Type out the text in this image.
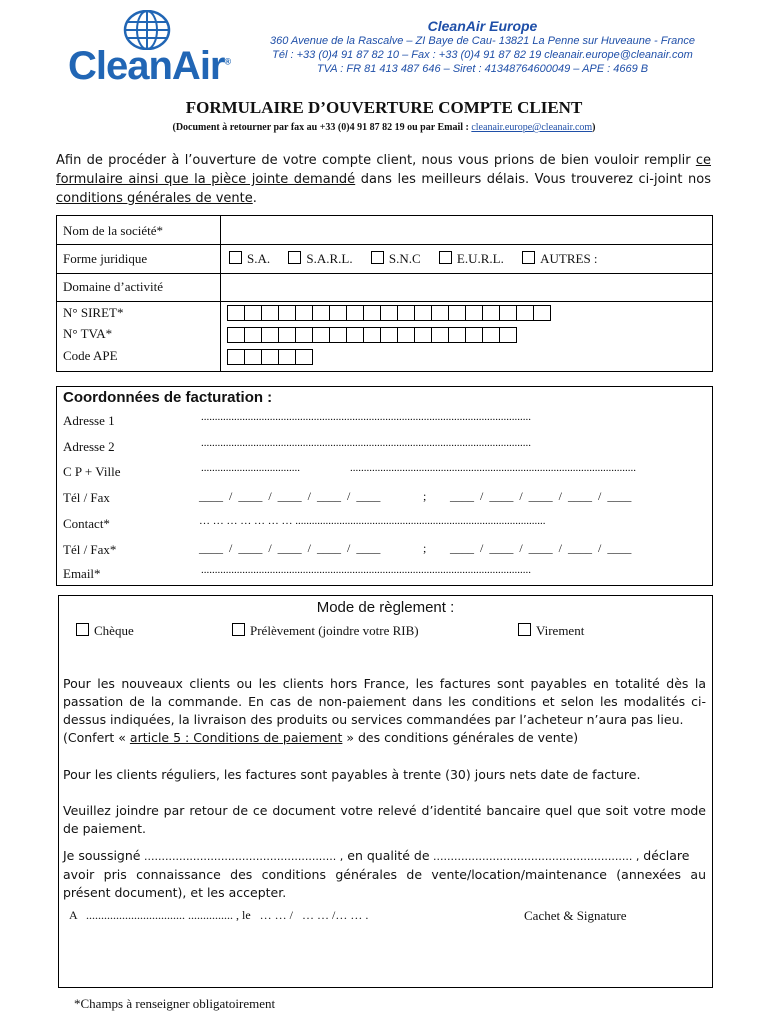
CleanAir®
CleanAir Europe
360 Avenue de la Rascalve – ZI Baye de Cau- 13821 La Penne sur Huveaune - France
Tél : +33 (0)4 91 87 82 10 – Fax : +33 (0)4 91 87 82 19 cleanair.europe@cleanair.com
TVA : FR 81 413 487 646 – Siret : 41348764600049 – APE : 4669 B
FORMULAIRE D’OUVERTURE COMPTE CLIENT
(Document à retourner par fax au +33 (0)4 91 87 82 19 ou par Email : cleanair.europe@cleanair.com)
Afin de procéder à l’ouverture de votre compte client, nous vous prions de bien vouloir remplir ce formulaire ainsi que la pièce jointe demandé dans les meilleurs délais. Vous trouverez ci-joint nos conditions générales de vente.
Nom de la société*
Forme juridique	S.A.	S.A.R.L.	S.N.C	E.U.R.L.	AUTRES :
Domaine d’activité
N° SIRET*
N° TVA*
Code APE
Coordonnées de facturation :
Adresse 1	........................................................................................................................
Adresse 2	........................................................................................................................
C P + Ville	....................................	........................................................................................................
Tél / Fax	____  /  ____  /  ____  /  ____  /  ____	; ____  /  ____  /  ____  /  ____  /  ____
Contact*	… … … … … … … ...........................................................................................
Tél / Fax*	____  /  ____  /  ____  /  ____  /  ____	; ____  /  ____  /  ____  /  ____  /  ____
Email*	........................................................................................................................
Mode de règlement :
Chèque	Prélèvement (joindre votre RIB)	Virement
Pour les nouveaux clients ou les clients hors France, les factures sont payables en totalité dès la passation de la commande. En cas de non-paiement dans les conditions et selon les modalités ci-dessus indiquées, la livraison des produits ou services commandées par l’acheteur n’aura pas lieu.
(Confert « article 5 : Conditions de paiement » des conditions générales de vente)
Pour les clients réguliers, les factures sont payables à trente (30) jours nets date de facture.
Veuillez joindre par retour de ce document votre relevé d’identité bancaire quel que soit votre mode de paiement.
Je soussigné ....................................................... , en qualité de ......................................................... , déclare
avoir pris connaissance des conditions générales de vente/location/maintenance (annexées au présent document), et les accepter.
A   ................................. ............... , le   … … /   … … /… … .	Cachet & Signature
*Champs à renseigner obligatoirement
